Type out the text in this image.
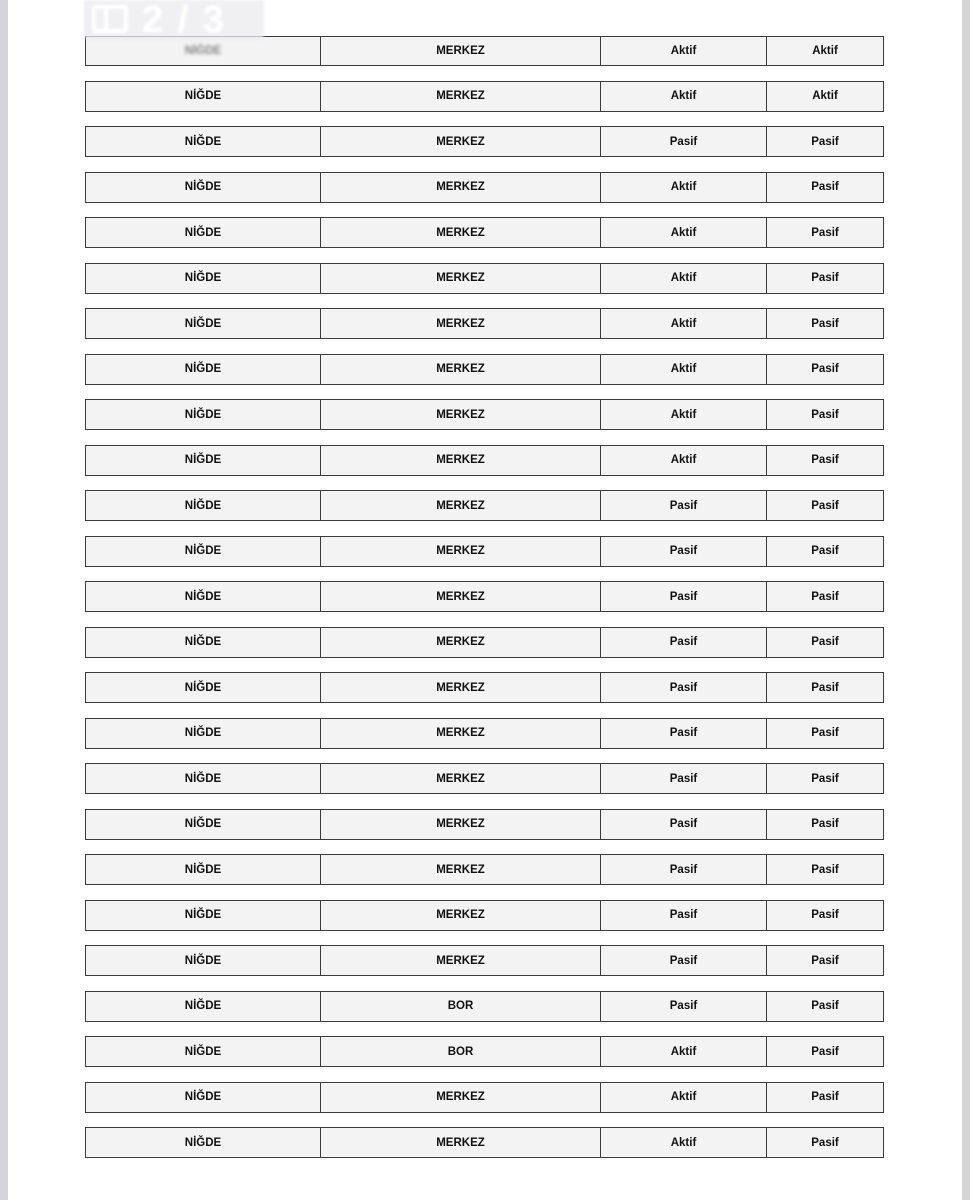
2 / 3
NİĞDE	MERKEZ	Aktif	Aktif
NİĞDE	MERKEZ	Aktif	Aktif
NİĞDE	MERKEZ	Pasif	Pasif
NİĞDE	MERKEZ	Aktif	Pasif
NİĞDE	MERKEZ	Aktif	Pasif
NİĞDE	MERKEZ	Aktif	Pasif
NİĞDE	MERKEZ	Aktif	Pasif
NİĞDE	MERKEZ	Aktif	Pasif
NİĞDE	MERKEZ	Aktif	Pasif
NİĞDE	MERKEZ	Aktif	Pasif
NİĞDE	MERKEZ	Pasif	Pasif
NİĞDE	MERKEZ	Pasif	Pasif
NİĞDE	MERKEZ	Pasif	Pasif
NİĞDE	MERKEZ	Pasif	Pasif
NİĞDE	MERKEZ	Pasif	Pasif
NİĞDE	MERKEZ	Pasif	Pasif
NİĞDE	MERKEZ	Pasif	Pasif
NİĞDE	MERKEZ	Pasif	Pasif
NİĞDE	MERKEZ	Pasif	Pasif
NİĞDE	MERKEZ	Pasif	Pasif
NİĞDE	MERKEZ	Pasif	Pasif
NİĞDE	BOR	Pasif	Pasif
NİĞDE	BOR	Aktif	Pasif
NİĞDE	MERKEZ	Aktif	Pasif
NİĞDE	MERKEZ	Aktif	Pasif
